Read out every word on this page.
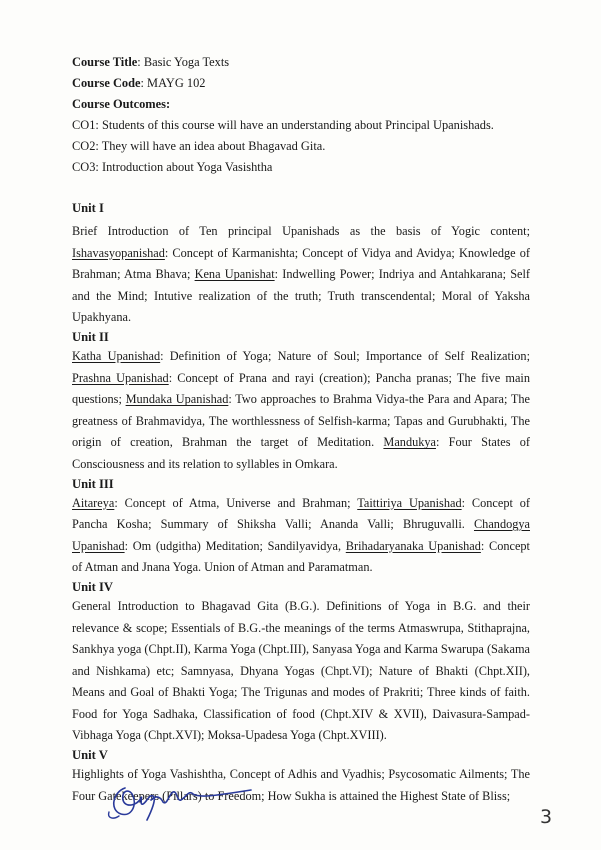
Course Title: Basic Yoga Texts
Course Code: MAYG 102
Course Outcomes:
CO1: Students of this course will have an understanding about Principal Upanishads.
CO2: They will have an idea about Bhagavad Gita.
CO3: Introduction about Yoga Vasishtha
Unit I

Brief Introduction of Ten principal Upanishads as the basis of Yogic content; Ishavasyopanishad: Concept of Karmanishta; Concept of Vidya and Avidya; Knowledge of Brahman; Atma Bhava; Kena Upanishat: Indwelling Power; Indriya and Antahkarana; Self and the Mind; Intutive realization of the truth; Truth transcendental; Moral of Yaksha Upakhyana.

Unit II

Katha Upanishad: Definition of Yoga; Nature of Soul; Importance of Self Realization; Prashna Upanishad: Concept of Prana and rayi (creation); Pancha pranas; The five main questions; Mundaka Upanishad: Two approaches to Brahma Vidya-the Para and Apara; The greatness of Brahmavidya, The worthlessness of Selfish-karma; Tapas and Gurubhakti, The origin of creation, Brahman the target of Meditation. Mandukya: Four States of Consciousness and its relation to syllables in Omkara.

Unit III

Aitareya: Concept of Atma, Universe and Brahman; Taittiriya Upanishad: Concept of Pancha Kosha; Summary of Shiksha Valli; Ananda Valli; Bhruguvalli. Chandogya Upanishad: Om (udgitha) Meditation; Sandilyavidya, Brihadaryanaka Upanishad: Concept of Atman and Jnana Yoga. Union of Atman and Paramatman.

Unit IV

General Introduction to Bhagavad Gita (B.G.). Definitions of Yoga in B.G. and their relevance & scope; Essentials of B.G.-the meanings of the terms Atmaswrupa, Stithaprajna, Sankhya yoga (Chpt.II), Karma Yoga (Chpt.III), Sanyasa Yoga and Karma Swarupa (Sakama and Nishkama) etc; Samnyasa, Dhyana Yogas (Chpt.VI); Nature of Bhakti (Chpt.XII), Means and Goal of Bhakti Yoga; The Trigunas and modes of Prakriti; Three kinds of faith. Food for Yoga Sadhaka, Classification of food (Chpt.XIV & XVII), Daivasura-Sampad-Vibhaga Yoga (Chpt.XVI); Moksa-Upadesa Yoga (Chpt.XVIII).

Unit V

Highlights of Yoga Vashishtha, Concept of Adhis and Vyadhis; Psycosomatic Ailments; The Four Gatekeepers (Pillars) to Freedom; How Sukha is attained the Highest State of Bliss;

3
